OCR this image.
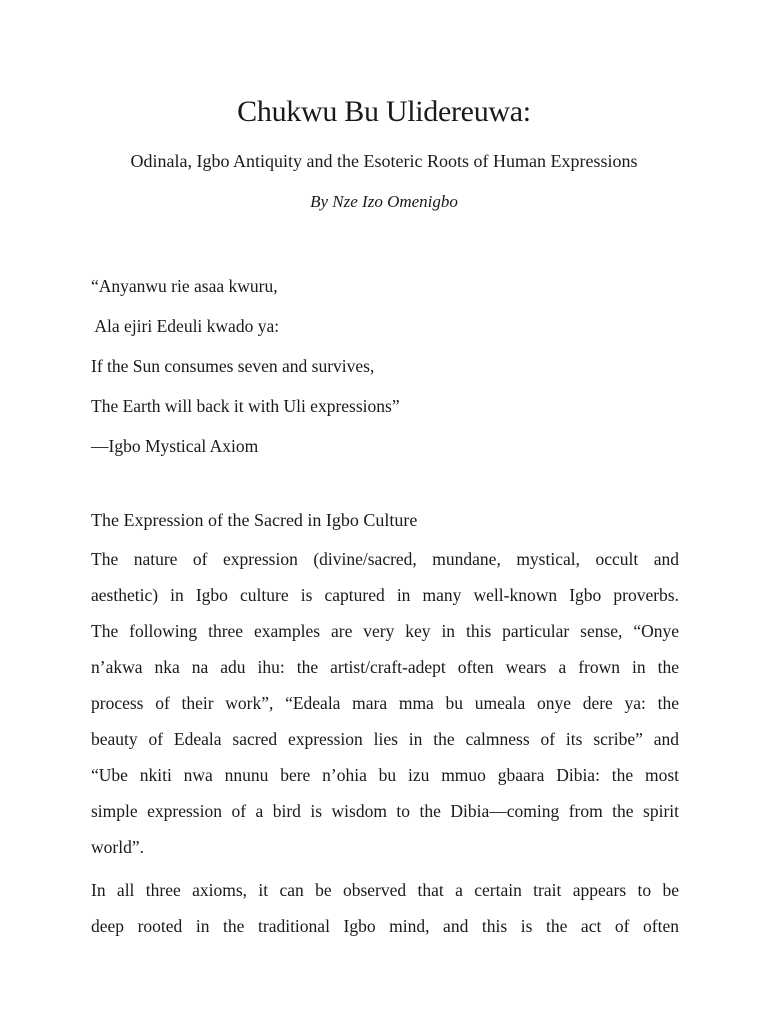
Chukwu Bu Ulidereuwa:

Odinala, Igbo Antiquity and the Esoteric Roots of Human Expressions

By Nze Izo Omenigbo

“Anyanwu rie asaa kwuru,
Ala ejiri Edeuli kwado ya:
If the Sun consumes seven and survives,
The Earth will back it with Uli expressions”
—Igbo Mystical Axiom
The Expression of the Sacred in Igbo Culture
The nature of expression (divine/sacred, mundane, mystical, occult and
aesthetic) in Igbo culture is captured in many well-known Igbo proverbs.
The following three examples are very key in this particular sense, “Onye
n’akwa nka na adu ihu: the artist/craft-adept often wears a frown in the
process of their work”, “Edeala mara mma bu umeala onye dere ya: the
beauty of Edeala sacred expression lies in the calmness of its scribe” and
“Ube nkiti nwa nnunu bere n’ohia bu izu mmuo gbaara Dibia: the most
simple expression of a bird is wisdom to the Dibia—coming from the spirit
world”.
In all three axioms, it can be observed that a certain trait appears to be
deep rooted in the traditional Igbo mind, and this is the act of often
